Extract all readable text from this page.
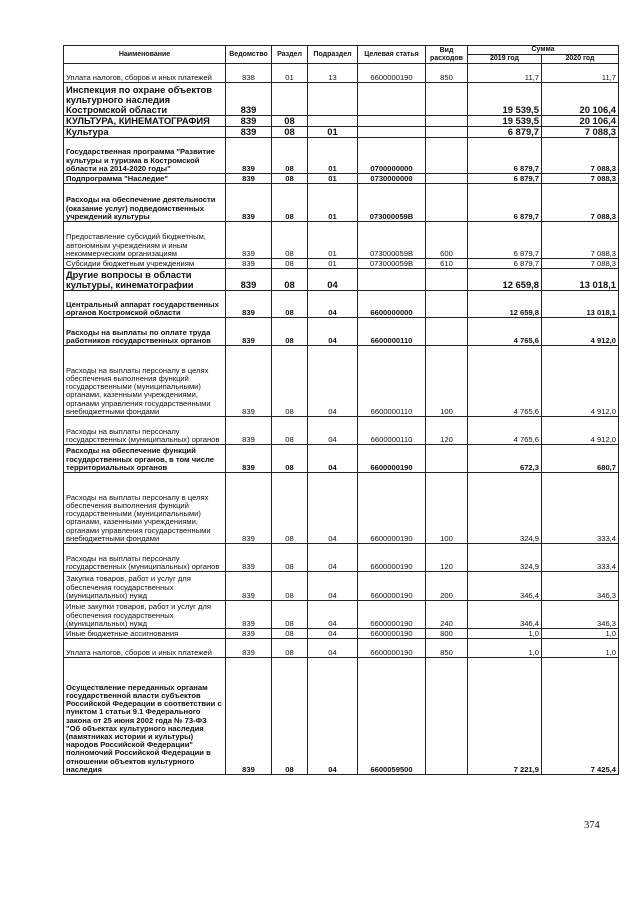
Наименование	Ведомство	Раздел	Подраздел	Целевая статья	Вид расходов	Сумма	
						2019 год	2020 год
Уплата налогов, сборов и иных платежей	838	01	13	6600000190	850	11,7	11,7
Инспекция по охране объектов культурного наследия Костромской области	839					19 539,5	20 106,4
КУЛЬТУРА, КИНЕМАТОГРАФИЯ	839	08				19 539,5	20 106,4
Культура	839	08	01			6 879,7	7 088,3
Государственная программа "Развитие культуры и туризма в Костромской области на 2014-2020 годы"	839	08	01	0700000000		6 879,7	7 088,3
Подпрограмма "Наследие"	839	08	01	0730000000		6 879,7	7 088,3
Расходы на обеспечение деятельности (оказание услуг) подведомственных учреждений культуры	839	08	01	073000059В		6 879,7	7 088,3
Предоставление субсидий бюджетным, автономным учреждениям и иным некоммерческим организациям	839	08	01	073000059В	600	6 879,7	7 088,3
Субсидии бюджетным учреждениям	839	08	01	073000059В	610	6 879,7	7 088,3
Другие вопросы в области культуры, кинематографии	839	08	04			12 659,8	13 018,1
Центральный аппарат государственных органов Костромской области	839	08	04	6600000000		12 659,8	13 018,1
Расходы на выплаты по оплате труда работников государственных органов	839	08	04	6600000110		4 765,6	4 912,0
Расходы на выплаты персоналу в целях обеспечения выполнения функций государственными (муниципальными) органами, казенными учреждениями, органами управления государственными внебюджетными фондами	839	08	04	6600000110	100	4 765,6	4 912,0
Расходы на выплаты персоналу государственных (муниципальных) органов	839	08	04	6600000110	120	4 765,6	4 912,0
Расходы на обеспечение функций государственных органов, в том числе территориальных органов	839	08	04	6600000190		672,3	680,7
Расходы на выплаты персоналу в целях обеспечения выполнения функций государственными (муниципальными) органами, казенными учреждениями, органами управления государственными внебюджетными фондами	839	08	04	6600000190	100	324,9	333,4
Расходы на выплаты персоналу государственных (муниципальных) органов	839	08	04	6600000190	120	324,9	333,4
Закупка товаров, работ и услуг для обеспечения государственных (муниципальных) нужд	839	08	04	6600000190	200	346,4	346,3
Иные закупки товаров, работ и услуг для обеспечения государственных (муниципальных) нужд	839	08	04	6600000190	240	346,4	346,3
Иные бюджетные ассигнования	839	08	04	6600000190	800	1,0	1,0
Уплата налогов, сборов и иных платежей	839	08	04	6600000190	850	1,0	1,0
Осуществление переданных органам государственной власти субъектов Российской Федерации в соответствии с пунктом 1 статьи 9.1 Федерального закона от 25 июня 2002 года № 73-ФЗ "Об объектах культурного наследия (памятниках истории и культуры) народов Российской Федерации" полномочий Российской Федерации в отношении объектов культурного наследия	839	08	04	6600059500		7 221,9	7 425,4
374
